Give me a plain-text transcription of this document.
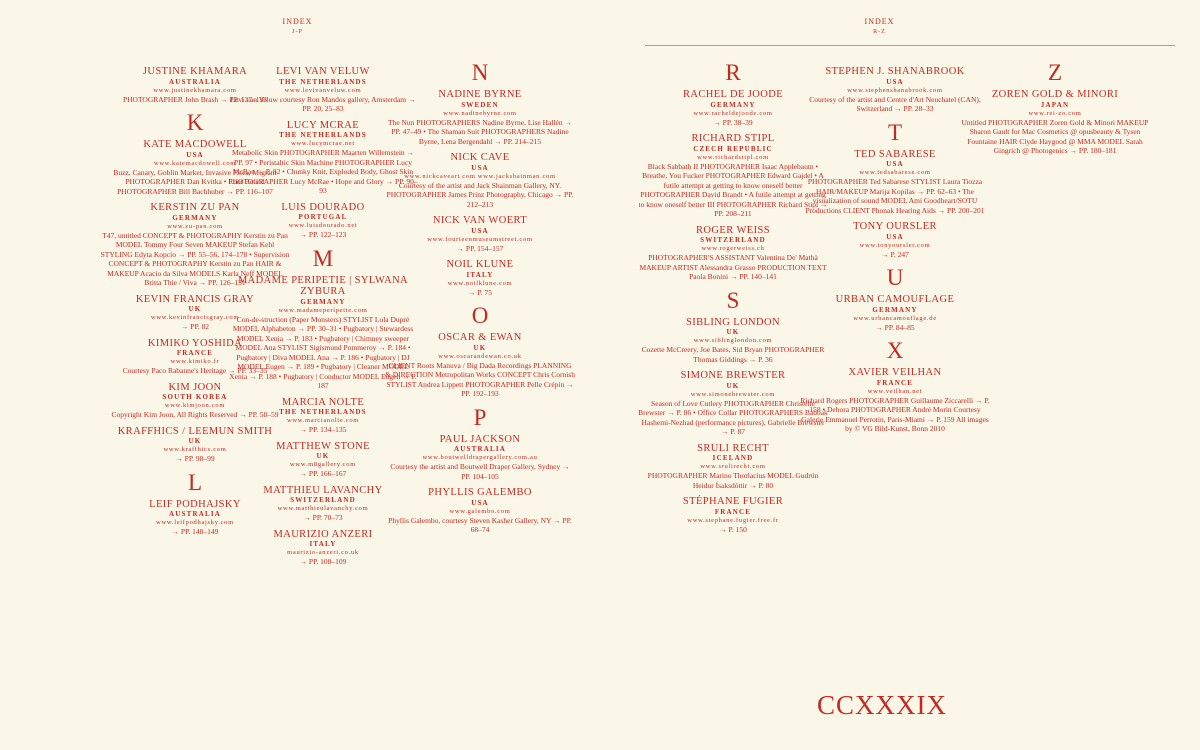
INDEX
J-P
INDEX
R-Z
JUSTINE KHAMARA
AUSTRALIA
www.justinekhamara.com
PHOTOGRAPHER John Brash → PP. 127–133
K
KATE MACDOWELL
USA
www.katemacdowell.com
Buzz, Canary, Goblin Market, Invasive Flora, Migrant PHOTOGRAPHER Dan Kvitka • Root Bound PHOTOGRAPHER Bill Bachhuber → PP. 116–107
KERSTIN ZU PAN
GERMANY
www.zu-pan.com
T47, untitled CONCEPT & PHOTOGRAPHY Kerstin zu Pan MODEL Tommy Four Seven MAKEUP Stefan Kehl STYLING Edyta Kopcio → PP. 55–56, 174–178 • Supervision CONCEPT & PHOTOGRAPHY Kerstin zu Pan HAIR & MAKEUP Acacio da Silva MODELS Karla Neff MODEL Britta Thie / Viva → PP. 126–131
KEVIN FRANCIS GRAY
UK
www.kevinfrancisgray.com
→ PP. 82
KIMIKO YOSHIDA
FRANCE
www.kimiko.fr
Courtesy Paco Rabanne's Heritage → PP. 33–35
KIM JOON
SOUTH KOREA
www.kimjoon.com
Copyright Kim Joon, All Rights Reserved → PP. 58–59
KRAFFHICS / LEEMUN SMITH
UK
www.kraffhics.com
→ PP. 98–99
L
LEIF PODHAJSKY
AUSTRALIA
www.leifpodhajsky.com
→ PP. 148–149
LEVI VAN VELUW
THE NETHERLANDS
www.levivanveluw.com
Levi van Veluw courtesy Ron Mandos gallery, Amsterdam → PP. 20, 25–83
LUCY MCRAE
THE NETHERLANDS
www.lucymcrae.net
Metabolic Skin PHOTOGRAPHER Maarten Willemstein → PP. 97 • Peristaltic Skin Machine PHOTOGRAPHER Lucy McRae → P. 82 • Chunky Knit, Exploded Body, Ghost Skin PHOTOGRAPHER Lucy McRae • Hope and Glory → PP. 90–93
LUIS DOURADO
PORTUGAL
www.luisdourado.net
→ PP. 122–123
M
MADAME PERIPETIE | SYLWANA ZYBURA
GERMANY
www.madameperipetie.com
Con-de-struction (Paper Monsters) STYLIST Lola Dupré MODEL Alphabeton → PP. 30–31 • Pugbatory | Stewardess MODEL Xenia → P. 183 • Pugbatory | Chimney sweeper MODEL Ana STYLIST Sigismund Pommeroy → P. 184 • Pugbatory | Diva MODEL Ana → P. 186 • Pugbatory | DJ MODEL Eugen → P. 189 • Pugbatory | Cleaner MODEL Xenia → P. 188 • Pugbatory | Conductor MODEL Eugen → P. 187
MARCIA NOLTE
THE NETHERLANDS
www.marcianolte.com
→ PP. 134–135
MATTHEW STONE
UK
www.m8gallery.com
→ PP. 166–167
MATTHIEU LAVANCHY
SWITZERLAND
www.matthieulavanchy.com
→ PP. 70–73
MAURIZIO ANZERI
ITALY
maurizio-anzeri.co.uk
→ PP. 108–109
N
NADINE BYRNE
SWEDEN
www.nadinebyrne.com
The Nun PHOTOGRAPHERS Nadine Byrne, Lise Hallén → PP. 47–49 • The Shaman Suit PHOTOGRAPHERS Nadine Byrne, Lena Bergendahl → PP. 214–215
NICK CAVE
USA
www.nickcaveart.com www.jackshainman.com
Courtesy of the artist and Jack Shainman Gallery, NY. PHOTOGRAPHER James Prinz Photography, Chicago → PP. 212–213
NICK VAN WOERT
USA
www.fourteenmuseumstreet.com
→ PP. 154–157
NOIL KLUNE
ITALY
www.noilklune.com
→ P. 75
O
OSCAR & EWAN
UK
www.oscarandewan.co.uk
CLIENT Roots Manuva / Big Dada Recordings PLANNING & DIRECTION Metropolitan Works CONCEPT Chris Cornish STYLIST Andrea Lippett PHOTOGRAPHER Pelle Crépin → PP. 192–193
P
PAUL JACKSON
AUSTRALIA
www.boutwelldrapergallery.com.au
Courtesy the artist and Boutwell Draper Gallery, Sydney → PP. 104–105
PHYLLIS GALEMBO
USA
www.galembo.com
Phyllis Galembo, courtesy Steven Kasher Gallery, NY → PP. 68–74
R
RACHEL DE JOODE
GERMANY
www.racheldejoode.com
→ PP. 38–39
RICHARD STIPL
CZECH REPUBLIC
www.richardstipl.com
Black Sabbath II PHOTOGRAPHER Isaac Applebaum • Breathe, You Fucker PHOTOGRAPHER Edward Gajdel • A futile attempt at getting to know oneself better PHOTOGRAPHER David Brandt • A futile attempt at getting to know oneself better III PHOTOGRAPHER Richard Stipl → PP. 208–211
ROGER WEISS
SWITZERLAND
www.rogerweiss.ch
PHOTOGRAPHER'S ASSISTANT Valentina De' Mathà MAKEUP ARTIST Alessandra Grasso PRODUCTION TEXT Paola Bonini → PP. 140–141
S
SIBLING LONDON
UK
www.siblinglondon.com
Cozette McCreery, Joe Bates, Sid Bryan PHOTOGRAPHER Thomas Giddings → P. 36
SIMONE BREWSTER
UK
www.simonebrewster.com
Season of Love Cutlery PHOTOGRAPHER Christelle Brewster → P. 86 • Office Collar PHOTOGRAPHERS Babbak Hashemi-Nezhad (performance pictures), Gabrielle Brewster → P. 87
SRULI RECHT
ICELAND
www.srulirecht.com
PHOTOGRAPHER Marino Thorlacius MODEL Gudrún Heidur Ísaksdóttir → P. 80
STÉPHANE FUGIER
FRANCE
www.stephane.fugier.free.fr
→ P. 150
STEPHEN J. SHANABROOK
USA
www.stephenshanabrook.com
Courtesy of the artist and Centre d'Art Neuchatel (CAN), Switzerland → PP. 28–33
T
TED SABARESE
USA
www.tedsabarese.com
PHOTOGRAPHER Ted Sabarese STYLIST Laura Tiozza HAIR/MAKEUP Marija Kopilas → PP. 62–63 • The visualization of sound MODEL Ami Goodheart/SOTU Productions CLIENT Phonak Hearing Aids → PP. 200–201
TONY OURSLER
USA
www.tonyoursler.com
→ P. 247
U
URBAN CAMOUFLAGE
GERMANY
www.urbancamouflage.de
→ PP. 84–85
X
XAVIER VEILHAN
FRANCE
www.veilhan.net
Richard Rogers PHOTOGRAPHER Guillaume Ziccarelli → P. 158 • Debora PHOTOGRAPHER André Morin Courtesy Galerie Emmanuel Perrotin, Paris-Miami → P. 159 All images by © VG Bild-Kunst, Bonn 2010
Z
ZOREN GOLD & MINORI
JAPAN
www.rei-zo.com
Untitled PHOTOGRAPHER Zoren Gold & Minori MAKEUP Sharon Gault for Mac Cosmetics @ opusbeauty & Tysen Fountaine HAIR Clyde Haygood @ MMA MODEL Sarah Gingrich @ Photogenics → PP. 180–181
CCXXXIX
